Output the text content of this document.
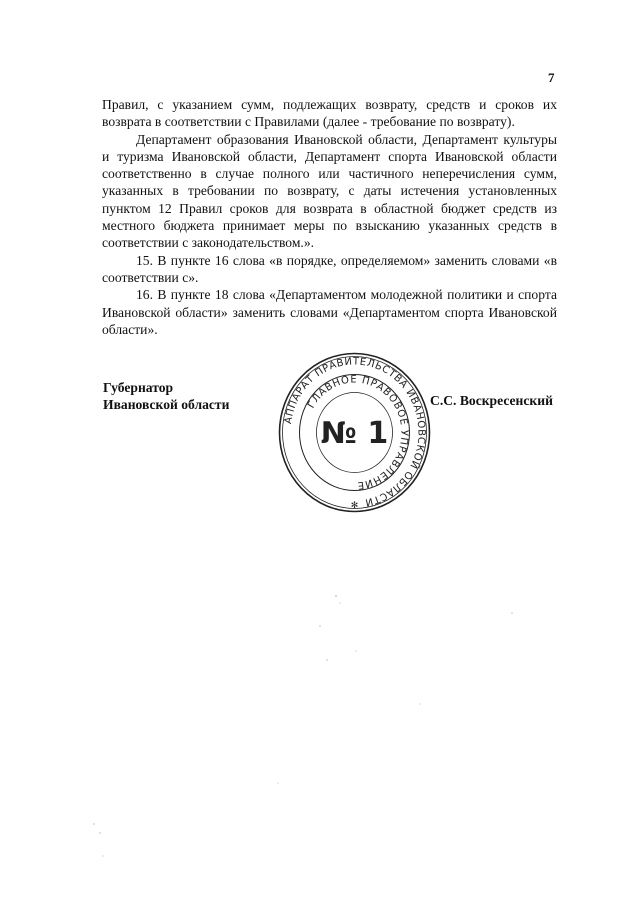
7

Правил, с указанием сумм, подлежащих возврату, средств и сроков их возврата в соответствии с Правилами (далее - требование по возврату).

Департамент образования Ивановской области, Департамент культуры и туризма Ивановской области, Департамент спорта Ивановской области соответственно в случае полного или частичного неперечисления сумм, указанных в требовании по возврату, с даты истечения установленных пунктом 12 Правил сроков для возврата в областной бюджет средств из местного бюджета принимает меры по взысканию указанных средств в соответствии с законодательством.».

15. В пункте 16 слова «в порядке, определяемом» заменить словами «в соответствии с».

16. В пункте 18 слова «Департаментом молодежной политики и спорта Ивановской области» заменить словами «Департаментом спорта Ивановской области».

Губернатор
Ивановской области	С.С. Воскресенский
АППАРАТ ПРАВИТЕЛЬСТВА ИВАНОВСКОЙ ОБЛАСТИ
ГЛАВНОЕ ПРАВОВОЕ УПРАВЛЕНИЕ
№ 1
✻
